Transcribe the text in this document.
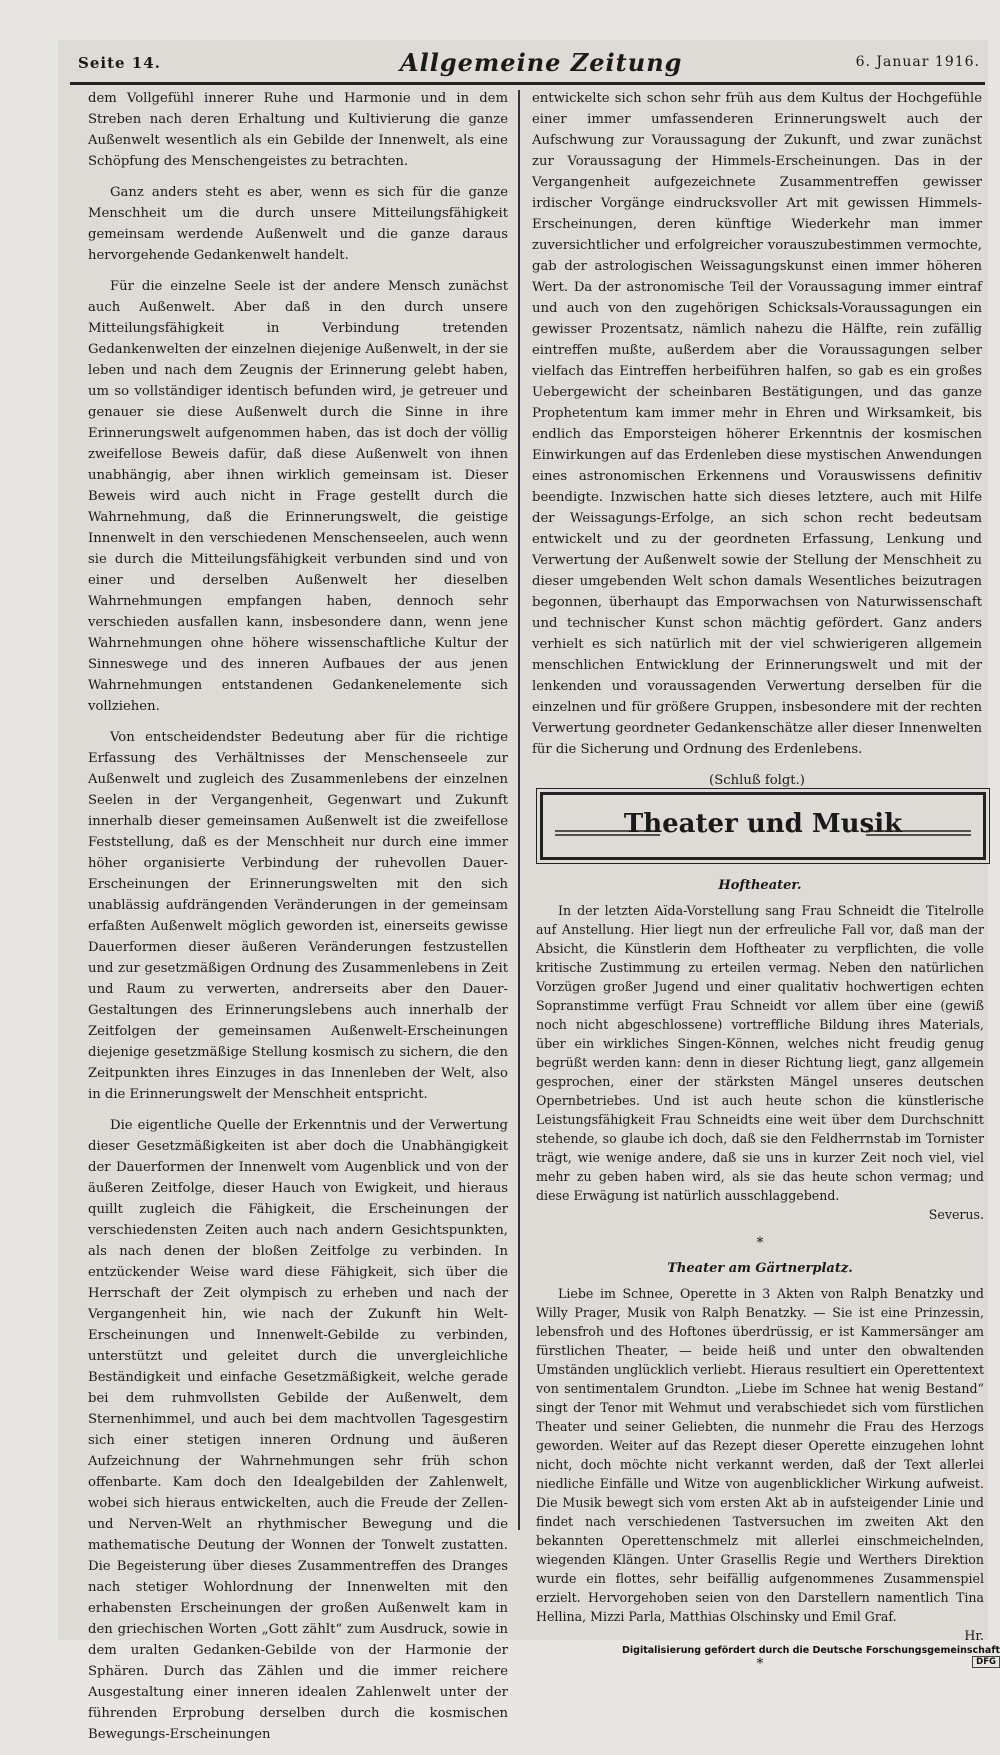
Seite 14.	Allgemeine Zeitung	6. Januar 1916.

dem Vollgefühl innerer Ruhe und Harmonie und in dem Streben nach deren Erhaltung und Kultivierung die ganze Außenwelt wesentlich als ein Gebilde der Innenwelt, als eine Schöpfung des Menschengeistes zu betrachten.

Ganz anders steht es aber, wenn es sich für die ganze Menschheit um die durch unsere Mitteilungsfähigkeit gemeinsam werdende Außenwelt und die ganze daraus hervorgehende Gedankenwelt handelt.

Für die einzelne Seele ist der andere Mensch zunächst auch Außenwelt. Aber daß in den durch unsere Mitteilungsfähigkeit in Verbindung tretenden Gedankenwelten der einzelnen diejenige Außenwelt, in der sie leben und nach dem Zeugnis der Erinnerung gelebt haben, um so vollständiger identisch befunden wird, je getreuer und genauer sie diese Außenwelt durch die Sinne in ihre Erinnerungswelt aufgenommen haben, das ist doch der völlig zweifellose Beweis dafür, daß diese Außenwelt von ihnen unabhängig, aber ihnen wirklich gemeinsam ist. Dieser Beweis wird auch nicht in Frage gestellt durch die Wahrnehmung, daß die Erinnerungswelt, die geistige Innenwelt in den verschiedenen Menschenseelen, auch wenn sie durch die Mitteilungsfähigkeit verbunden sind und von einer und derselben Außenwelt her dieselben Wahrnehmungen empfangen haben, dennoch sehr verschieden ausfallen kann, insbesondere dann, wenn jene Wahrnehmungen ohne höhere wissenschaftliche Kultur der Sinneswege und des inneren Aufbaues der aus jenen Wahrnehmungen entstandenen Gedankenelemente sich vollziehen.

Von entscheidendster Bedeutung aber für die richtige Erfassung des Verhältnisses der Menschenseele zur Außenwelt und zugleich des Zusammenlebens der einzelnen Seelen in der Vergangenheit, Gegenwart und Zukunft innerhalb dieser gemeinsamen Außenwelt ist die zweifellose Feststellung, daß es der Menschheit nur durch eine immer höher organisierte Verbindung der ruhevollen Dauer-Erscheinungen der Erinnerungswelten mit den sich unablässig aufdrängenden Veränderungen in der gemeinsam erfaßten Außenwelt möglich geworden ist, einerseits gewisse Dauerformen dieser äußeren Veränderungen festzustellen und zur gesetzmäßigen Ordnung des Zusammenlebens in Zeit und Raum zu verwerten, andrerseits aber den Dauer-Gestaltungen des Erinnerungslebens auch innerhalb der Zeitfolgen der gemeinsamen Außenwelt-Erscheinungen diejenige gesetzmäßige Stellung kosmisch zu sichern, die den Zeitpunkten ihres Einzuges in das Innenleben der Welt, also in die Erinnerungswelt der Menschheit entspricht.

Die eigentliche Quelle der Erkenntnis und der Verwertung dieser Gesetzmäßigkeiten ist aber doch die Unabhängigkeit der Dauerformen der Innenwelt vom Augenblick und von der äußeren Zeitfolge, dieser Hauch von Ewigkeit, und hieraus quillt zugleich die Fähigkeit, die Erscheinungen der verschiedensten Zeiten auch nach andern Gesichtspunkten, als nach denen der bloßen Zeitfolge zu verbinden. In entzückender Weise ward diese Fähigkeit, sich über die Herrschaft der Zeit olympisch zu erheben und nach der Vergangenheit hin, wie nach der Zukunft hin Welt-Erscheinungen und Innenwelt-Gebilde zu verbinden, unterstützt und geleitet durch die unvergleichliche Beständigkeit und einfache Gesetzmäßigkeit, welche gerade bei dem ruhmvollsten Gebilde der Außenwelt, dem Sternenhimmel, und auch bei dem machtvollen Tagesgestirn sich einer stetigen inneren Ordnung und äußeren Aufzeichnung der Wahrnehmungen sehr früh schon offenbarte. Kam doch den Idealgebilden der Zahlenwelt, wobei sich hieraus entwickelten, auch die Freude der Zellen- und Nerven-Welt an rhythmischer Bewegung und die mathematische Deutung der Wonnen der Tonwelt zustatten. Die Begeisterung über dieses Zusammentreffen des Dranges nach stetiger Wohlordnung der Innenwelten mit den erhabensten Erscheinungen der großen Außenwelt kam in den griechischen Worten „Gott zählt“ zum Ausdruck, sowie in dem uralten Gedanken-Gebilde von der Harmonie der Sphären. Durch das Zählen und die immer reichere Ausgestaltung einer inneren idealen Zahlenwelt unter der führenden Erprobung derselben durch die kosmischen Bewegungs-Erscheinungen

entwickelte sich schon sehr früh aus dem Kultus der Hochgefühle einer immer umfassenderen Erinnerungswelt auch der Aufschwung zur Voraussagung der Zukunft, und zwar zunächst zur Voraussagung der Himmels-Erscheinungen. Das in der Vergangenheit aufgezeichnete Zusammentreffen gewisser irdischer Vorgänge eindrucksvoller Art mit gewissen Himmels-Erscheinungen, deren künftige Wiederkehr man immer zuversichtlicher und erfolgreicher vorauszubestimmen vermochte, gab der astrologischen Weissagungskunst einen immer höheren Wert. Da der astronomische Teil der Voraussagung immer eintraf und auch von den zugehörigen Schicksals-Voraussagungen ein gewisser Prozentsatz, nämlich nahezu die Hälfte, rein zufällig eintreffen mußte, außerdem aber die Voraussagungen selber vielfach das Eintreffen herbeiführen halfen, so gab es ein großes Uebergewicht der scheinbaren Bestätigungen, und das ganze Prophetentum kam immer mehr in Ehren und Wirksamkeit, bis endlich das Emporsteigen höherer Erkenntnis der kosmischen Einwirkungen auf das Erdenleben diese mystischen Anwendungen eines astronomischen Erkennens und Vorauswissens definitiv beendigte. Inzwischen hatte sich dieses letztere, auch mit Hilfe der Weissagungs-Erfolge, an sich schon recht bedeutsam entwickelt und zu der geordneten Erfassung, Lenkung und Verwertung der Außenwelt sowie der Stellung der Menschheit zu dieser umgebenden Welt schon damals Wesentliches beizutragen begonnen, überhaupt das Emporwachsen von Naturwissenschaft und technischer Kunst schon mächtig gefördert. Ganz anders verhielt es sich natürlich mit der viel schwierigeren allgemein menschlichen Entwicklung der Erinnerungswelt und mit der lenkenden und voraussagenden Verwertung derselben für die einzelnen und für größere Gruppen, insbesondere mit der rechten Verwertung geordneter Gedankenschätze aller dieser Innenwelten für die Sicherung und Ordnung des Erdenlebens.

(Schluß folgt.)
Theater und Musik
Hoftheater.

In der letzten Aïda-Vorstellung sang Frau Schneidt die Titelrolle auf Anstellung. Hier liegt nun der erfreuliche Fall vor, daß man der Absicht, die Künstlerin dem Hoftheater zu verpflichten, die volle kritische Zustimmung zu erteilen vermag. Neben den natürlichen Vorzügen großer Jugend und einer qualitativ hochwertigen echten Sopranstimme verfügt Frau Schneidt vor allem über eine (gewiß noch nicht abgeschlossene) vortreffliche Bildung ihres Materials, über ein wirkliches Singen-Können, welches nicht freudig genug begrüßt werden kann: denn in dieser Richtung liegt, ganz allgemein gesprochen, einer der stärksten Mängel unseres deutschen Opernbetriebes. Und ist auch heute schon die künstlerische Leistungsfähigkeit Frau Schneidts eine weit über dem Durchschnitt stehende, so glaube ich doch, daß sie den Feldherrnstab im Tornister trägt, wie wenige andere, daß sie uns in kurzer Zeit noch viel, viel mehr zu geben haben wird, als sie das heute schon vermag; und diese Erwägung ist natürlich ausschlaggebend.

Severus.
*
Theater am Gärtnerplatz.

Liebe im Schnee, Operette in 3 Akten von Ralph Benatzky und Willy Prager, Musik von Ralph Benatzky. — Sie ist eine Prinzessin, lebensfroh und des Hoftones überdrüssig, er ist Kammersänger am fürstlichen Theater, — beide heiß und unter den obwaltenden Umständen unglücklich verliebt. Hieraus resultiert ein Operettentext von sentimentalem Grundton. „Liebe im Schnee hat wenig Bestand“ singt der Tenor mit Wehmut und verabschiedet sich vom fürstlichen Theater und seiner Geliebten, die nunmehr die Frau des Herzogs geworden. Weiter auf das Rezept dieser Operette einzugehen lohnt nicht, doch möchte nicht verkannt werden, daß der Text allerlei niedliche Einfälle und Witze von augenblicklicher Wirkung aufweist. Die Musik bewegt sich vom ersten Akt ab in aufsteigender Linie und findet nach verschiedenen Tastversuchen im zweiten Akt den bekannten Operettenschmelz mit allerlei einschmeichelnden, wiegenden Klängen. Unter Grasellis Regie und Werthers Direktion wurde ein flottes, sehr beifällig aufgenommenes Zusammenspiel erzielt. Hervorgehoben seien von den Darstellern namentlich Tina Hellina, Mizzi Parla, Matthias Olschinsky und Emil Graf.

Hr.
*
Digitalisierung gefördert durch die Deutsche Forschungsgemeinschaft DFG
